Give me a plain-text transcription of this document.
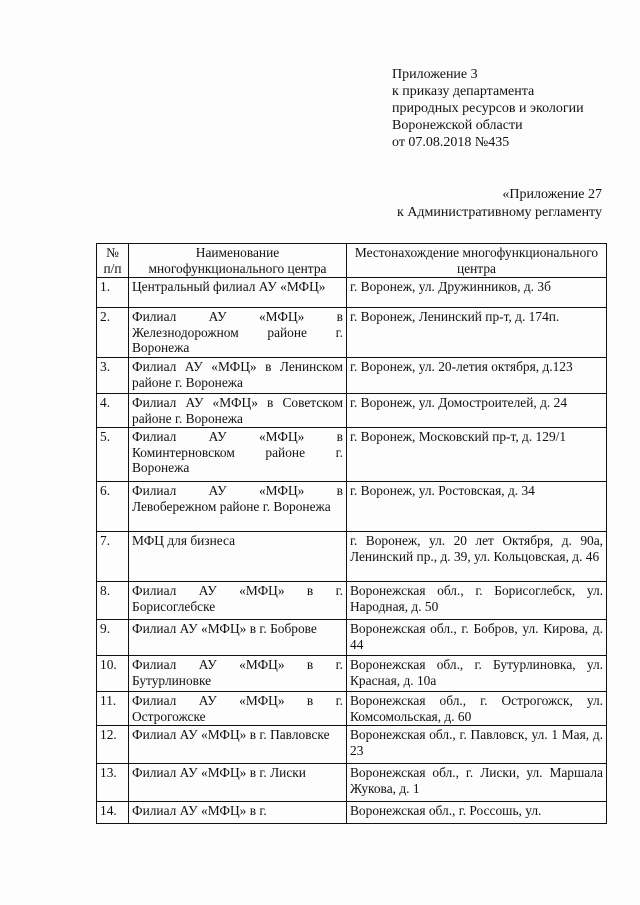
Приложение 3
к приказу департамента
природных ресурсов и экологии
Воронежской области
от 07.08.2018 №435
«Приложение 27
к Административному регламенту
№ п/п	Наименование многофункционального центра	Местонахождение многофункционального центра
1.	Центральный филиал АУ «МФЦ»	г. Воронеж, ул. Дружинников, д. 3б
2.	Филиал АУ «МФЦ» в Железнодорожном районе г. Воронежа	г. Воронеж, Ленинский пр-т, д. 174п.
3.	Филиал АУ «МФЦ» в Ленинском районе г. Воронежа	г. Воронеж, ул. 20-летия октября, д.123
4.	Филиал АУ «МФЦ» в Советском районе г. Воронежа	г. Воронеж, ул. Домостроителей, д. 24
5.	Филиал АУ «МФЦ» в Коминтерновском районе г. Воронежа	г. Воронеж, Московский пр-т, д. 129/1
6.	Филиал АУ «МФЦ» в Левобережном районе г. Воронежа	г. Воронеж, ул. Ростовская, д. 34
7.	МФЦ для бизнеса	г. Воронеж, ул. 20 лет Октября, д. 90а, Ленинский пр., д. 39, ул. Кольцовская, д. 46
8.	Филиал АУ «МФЦ» в г. Борисоглебске	Воронежская обл., г. Борисоглебск, ул. Народная, д. 50
9.	Филиал АУ «МФЦ» в г. Боброве	Воронежская обл., г. Бобров, ул. Кирова, д. 44
10.	Филиал АУ «МФЦ» в г. Бутурлиновке	Воронежская обл., г. Бутурлиновка, ул. Красная, д. 10а
11.	Филиал АУ «МФЦ» в г. Острогожске	Воронежская обл., г. Острогожск, ул. Комсомольская, д. 60
12.	Филиал АУ «МФЦ» в г. Павловске	Воронежская обл., г. Павловск, ул. 1 Мая, д. 23
13.	Филиал АУ «МФЦ» в г. Лиски	Воронежская обл., г. Лиски, ул. Маршала Жукова, д. 1
14.	Филиал АУ «МФЦ» в г.	Воронежская обл., г. Россошь, ул.
